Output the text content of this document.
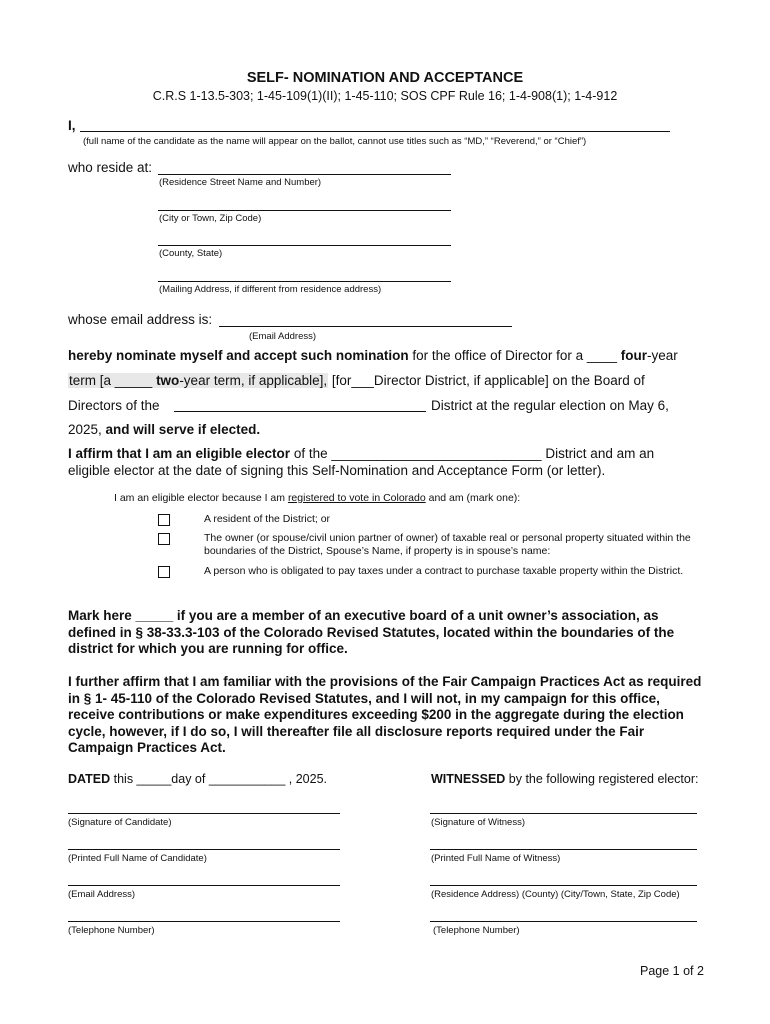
SELF- NOMINATION AND ACCEPTANCE
C.R.S 1-13.5-303; 1-45-109(1)(II); 1-45-110; SOS CPF Rule 16; 1-4-908(1); 1-4-912
I,
(full name of the candidate as the name will appear on the ballot, cannot use titles such as “MD,” “Reverend,” or “Chief”)
who reside at:
(Residence Street Name and Number)
(City or Town, Zip Code)
(County, State)
(Mailing Address, if different from residence address)
whose email address is:
(Email Address)
hereby nominate myself and accept such nomination for the office of Director for a ____ four-year
term [a _____ two-year term, if applicable], [for___Director District, if applicable] on the Board of
Directors of the	District at the regular election on May 6,
2025, and will serve if elected.
I affirm that I am an eligible elector of the ____________________________ District and am an
eligible elector at the date of signing this Self-Nomination and Acceptance Form (or letter).
I am an eligible elector because I am registered to vote in Colorado and am (mark one):
A resident of the District; or
The owner (or spouse/civil union partner of owner) of taxable real or personal property situated within the boundaries of the District, Spouse’s Name, if property is in spouse’s name:
A person who is obligated to pay taxes under a contract to purchase taxable property within the District.
Mark here _____ if you are a member of an executive board of a unit owner’s association, as defined in § 38-33.3-103 of the Colorado Revised Statutes, located within the boundaries of the district for which you are running for office.
I further affirm that I am familiar with the provisions of the Fair Campaign Practices Act as required in § 1- 45-110 of the Colorado Revised Statutes, and I will not, in my campaign for this office, receive contributions or make expenditures exceeding $200 in the aggregate during the election cycle, however, if I do so, I will thereafter file all disclosure reports required under the Fair Campaign Practices Act.
DATED this _____day of ___________ , 2025.	WITNESSED by the following registered elector:
(Signature of Candidate)
(Printed Full Name of Candidate)
(Email Address)
(Telephone Number)
(Signature of Witness)
(Printed Full Name of Witness)
(Residence Address) (County) (City/Town, State, Zip Code)
(Telephone Number)
Page 1 of 2
